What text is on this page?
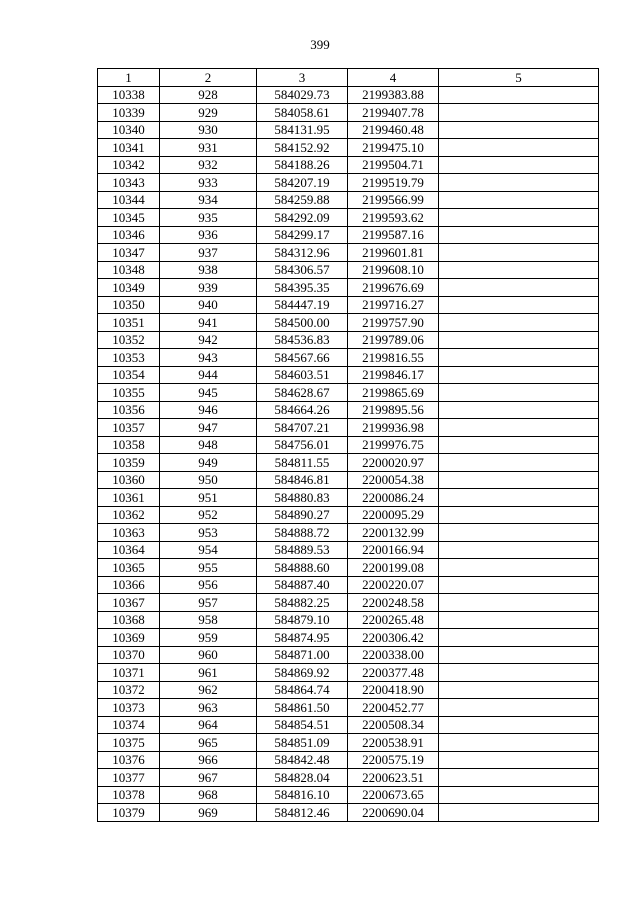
399
1	2	3	4	5
10338	928	584029.73	2199383.88	
10339	929	584058.61	2199407.78	
10340	930	584131.95	2199460.48	
10341	931	584152.92	2199475.10	
10342	932	584188.26	2199504.71	
10343	933	584207.19	2199519.79	
10344	934	584259.88	2199566.99	
10345	935	584292.09	2199593.62	
10346	936	584299.17	2199587.16	
10347	937	584312.96	2199601.81	
10348	938	584306.57	2199608.10	
10349	939	584395.35	2199676.69	
10350	940	584447.19	2199716.27	
10351	941	584500.00	2199757.90	
10352	942	584536.83	2199789.06	
10353	943	584567.66	2199816.55	
10354	944	584603.51	2199846.17	
10355	945	584628.67	2199865.69	
10356	946	584664.26	2199895.56	
10357	947	584707.21	2199936.98	
10358	948	584756.01	2199976.75	
10359	949	584811.55	2200020.97	
10360	950	584846.81	2200054.38	
10361	951	584880.83	2200086.24	
10362	952	584890.27	2200095.29	
10363	953	584888.72	2200132.99	
10364	954	584889.53	2200166.94	
10365	955	584888.60	2200199.08	
10366	956	584887.40	2200220.07	
10367	957	584882.25	2200248.58	
10368	958	584879.10	2200265.48	
10369	959	584874.95	2200306.42	
10370	960	584871.00	2200338.00	
10371	961	584869.92	2200377.48	
10372	962	584864.74	2200418.90	
10373	963	584861.50	2200452.77	
10374	964	584854.51	2200508.34	
10375	965	584851.09	2200538.91	
10376	966	584842.48	2200575.19	
10377	967	584828.04	2200623.51	
10378	968	584816.10	2200673.65	
10379	969	584812.46	2200690.04	
